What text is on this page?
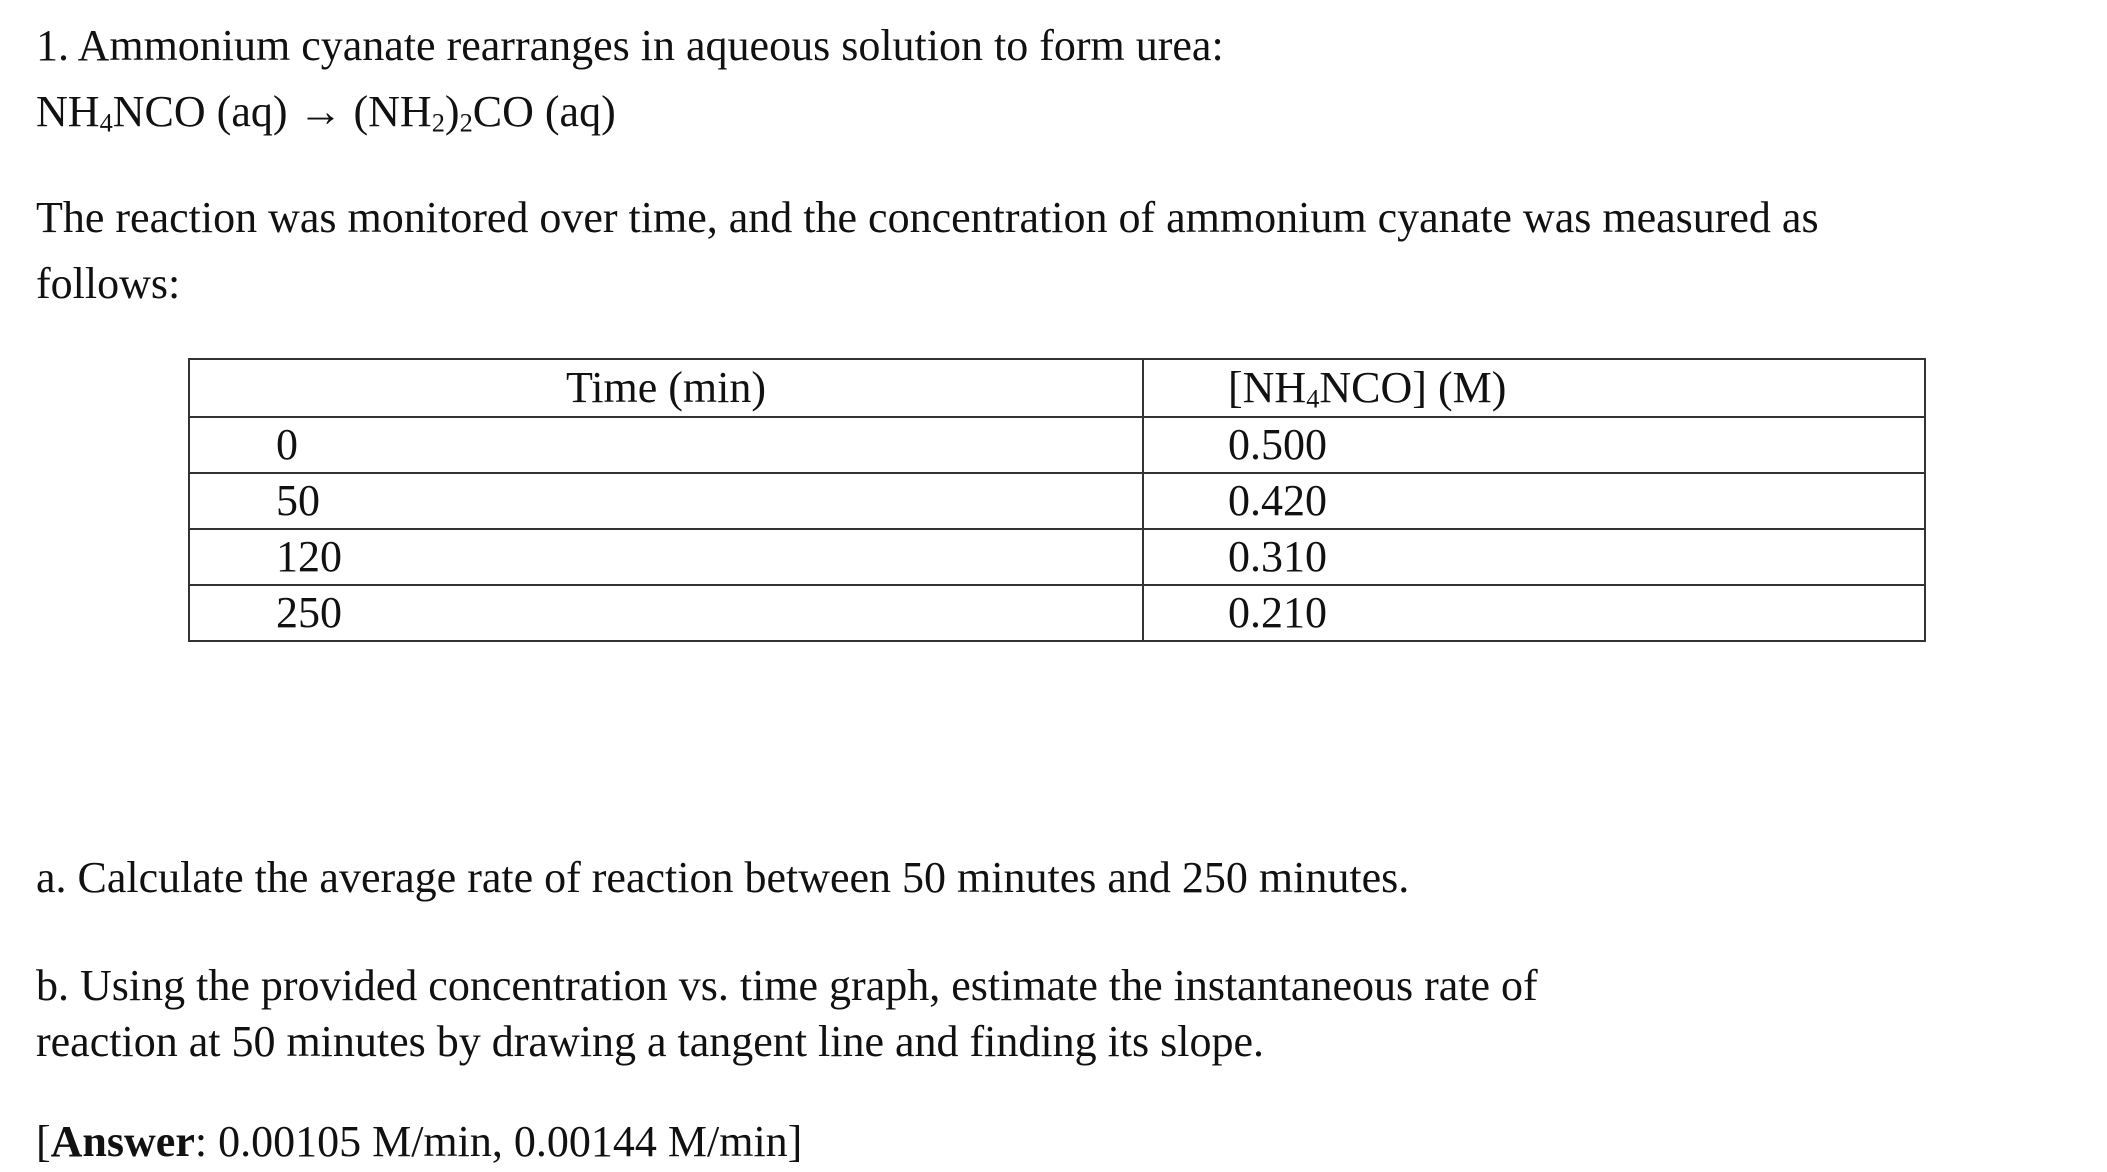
1. Ammonium cyanate rearranges in aqueous solution to form urea:
$NH_4NCO$ $(aq) \to (NH_2)_2CO$ (aq)
The reaction was monitored over time, and the concentration of ammonium cyanate was measured as
follows:
Time (min)	$[NH_4NCO]$ (M)
0	0.500
50	0.420
120	0.310
250	0.210
a. Calculate the average rate of reaction between 50 minutes and 250 minutes.
b. Using the provided concentration vs. time graph, estimate the instantaneous rate of
reaction at 50 minutes by drawing a tangent line and finding its slope.
[Answer: 0.00105 M/min, 0.00144 M/min]
